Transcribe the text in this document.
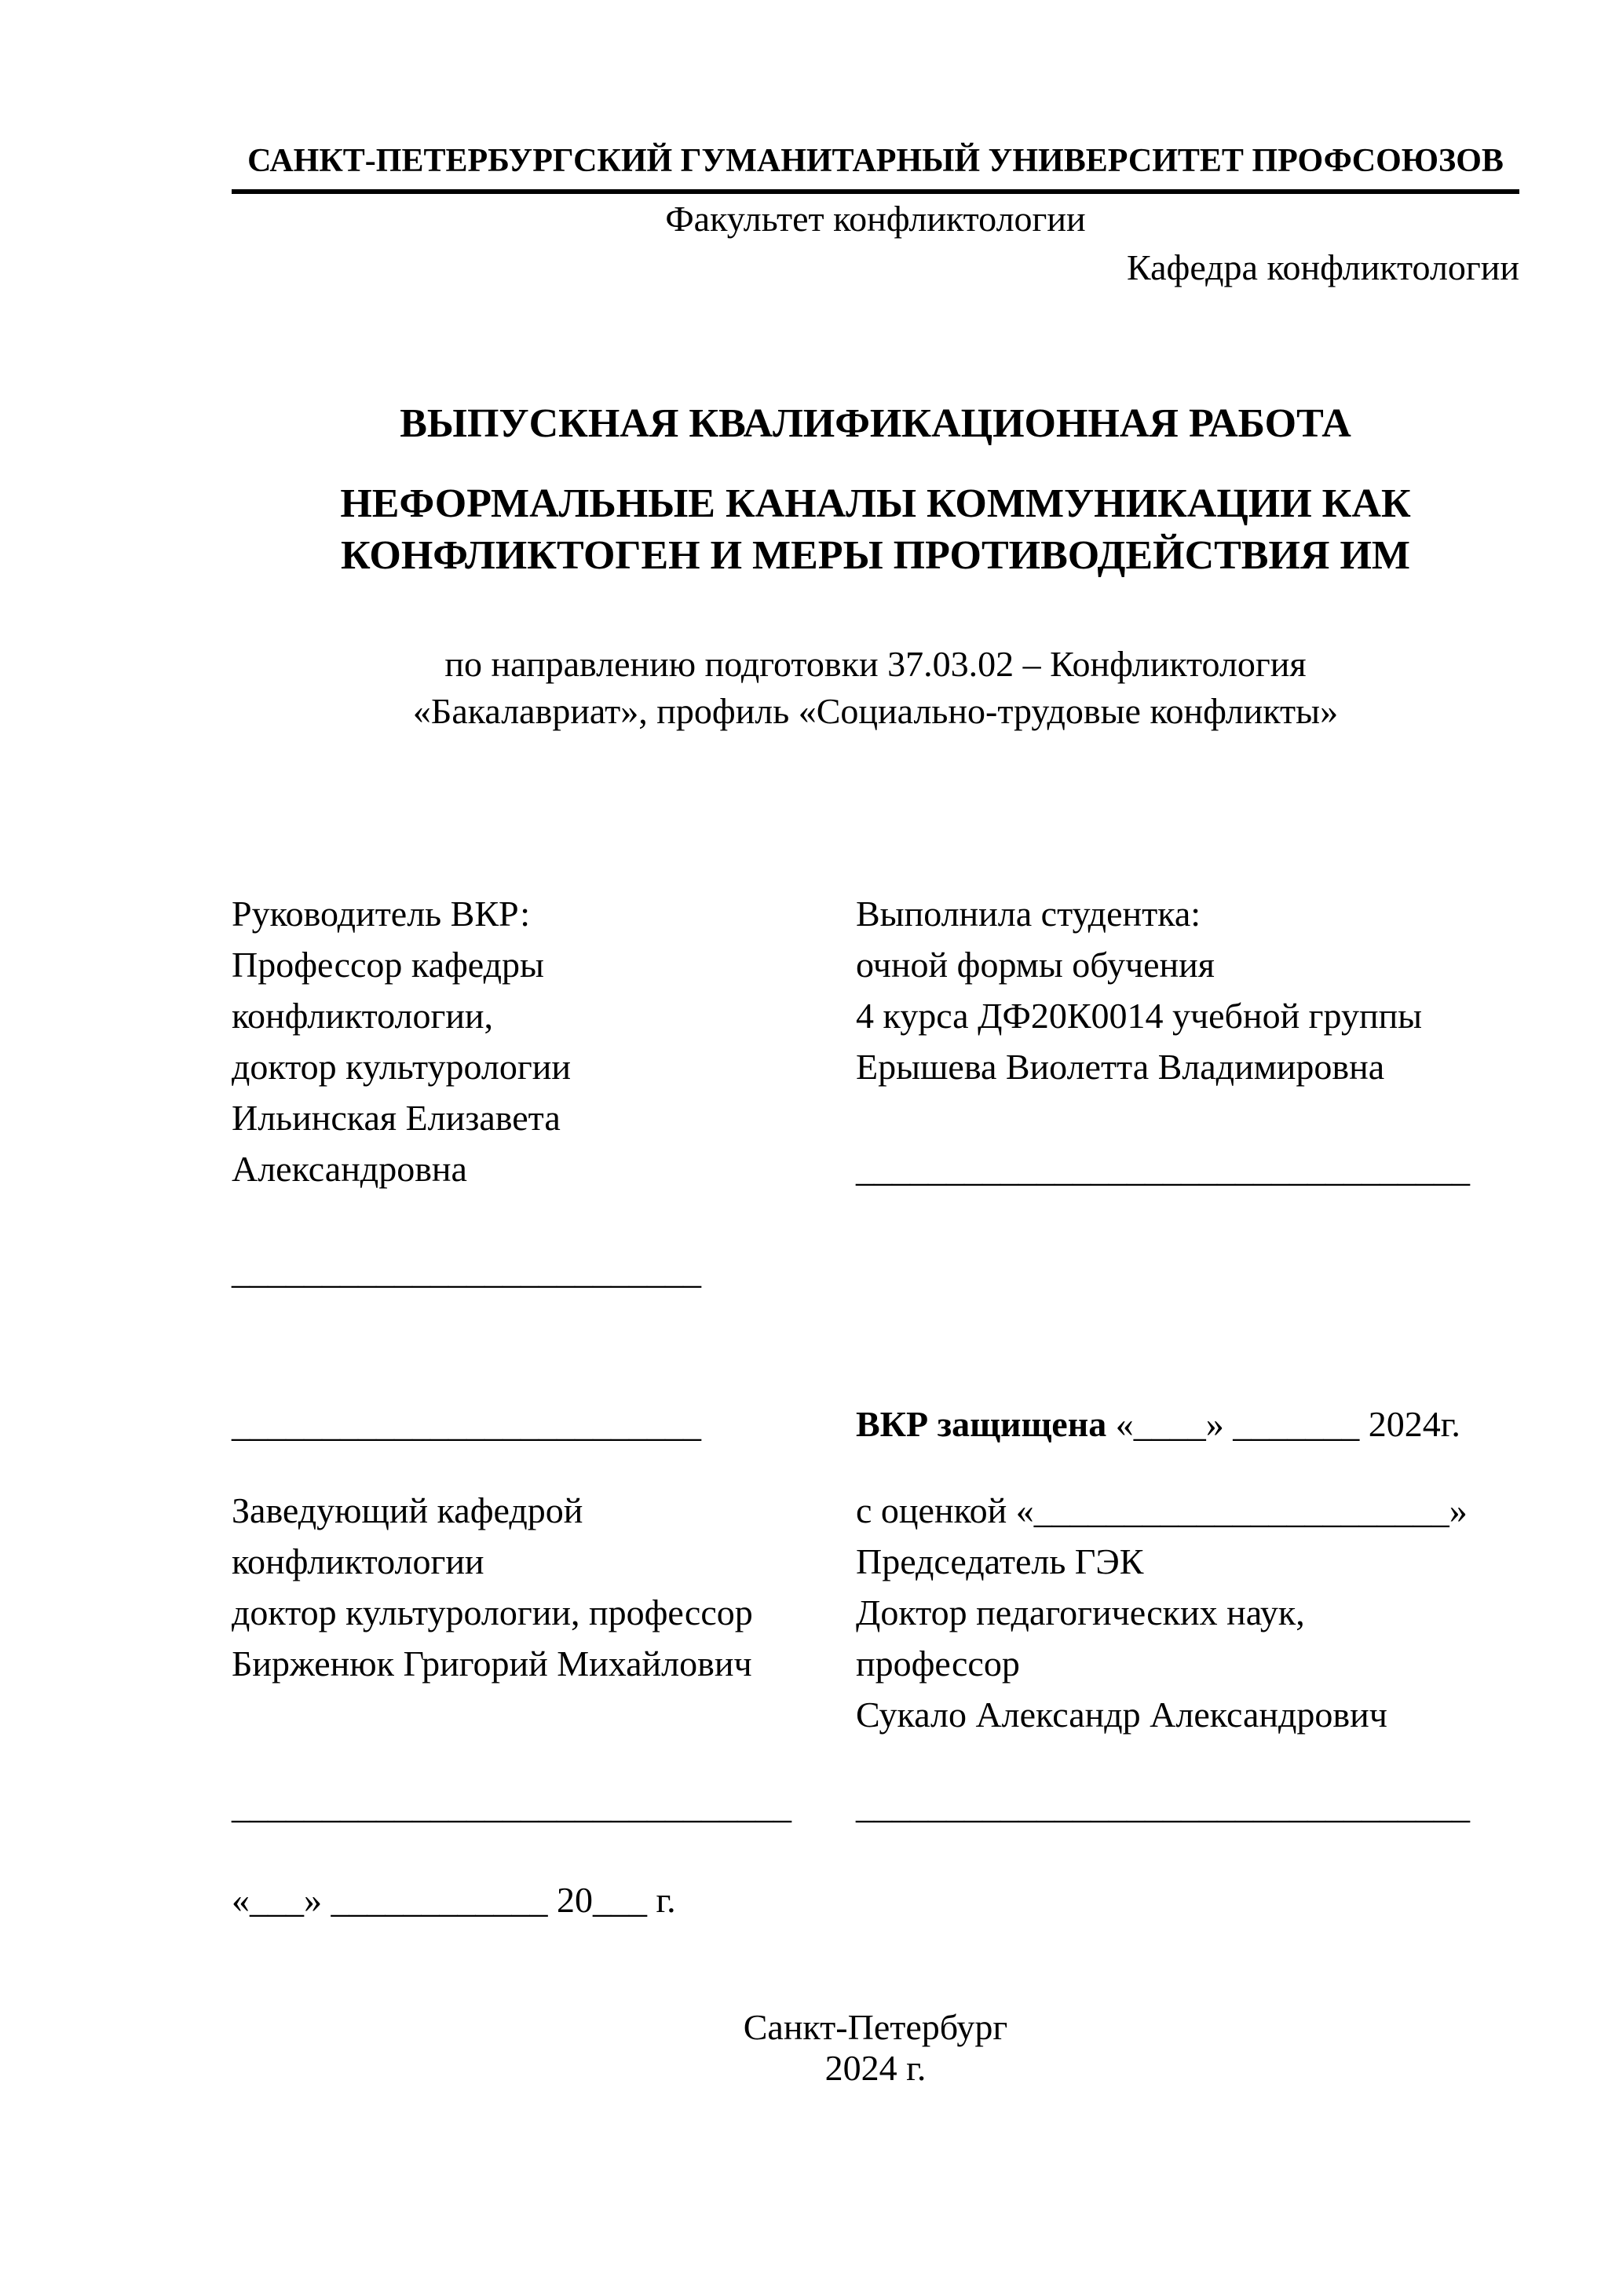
САНКТ-ПЕТЕРБУРГСКИЙ ГУМАНИТАРНЫЙ УНИВЕРСИТЕТ ПРОФСОЮЗОВ
Факультет конфликтологии
Кафедра конфликтологии
ВЫПУСКНАЯ КВАЛИФИКАЦИОННАЯ РАБОТА
НЕФОРМАЛЬНЫЕ КАНАЛЫ КОММУНИКАЦИИ КАК
КОНФЛИКТОГЕН И МЕРЫ ПРОТИВОДЕЙСТВИЯ ИМ
по направлению подготовки 37.03.02 – Конфликтология
«Бакалавриат», профиль «Социально-трудовые конфликты»
Руководитель ВКР:
Профессор кафедры
конфликтологии,
доктор культурологии
Ильинская Елизавета
Александровна
__________________________
__________________________
Заведующий кафедрой
конфликтологии
доктор культурологии, профессор
Бирженюк Григорий Михайлович
Выполнила студентка:
очной формы обучения
4 курса ДФ20К0014 учебной группы
Ерышева Виолетта Владимировна
__________________________________
ВКР защищена «____» _______ 2024г.
с оценкой «_______________________»
Председатель ГЭК
Доктор педагогических наук,
профессор
Сукало Александр Александрович
_______________________________	__________________________________
«___» ____________ 20___ г.
Санкт-Петербург
2024 г.
